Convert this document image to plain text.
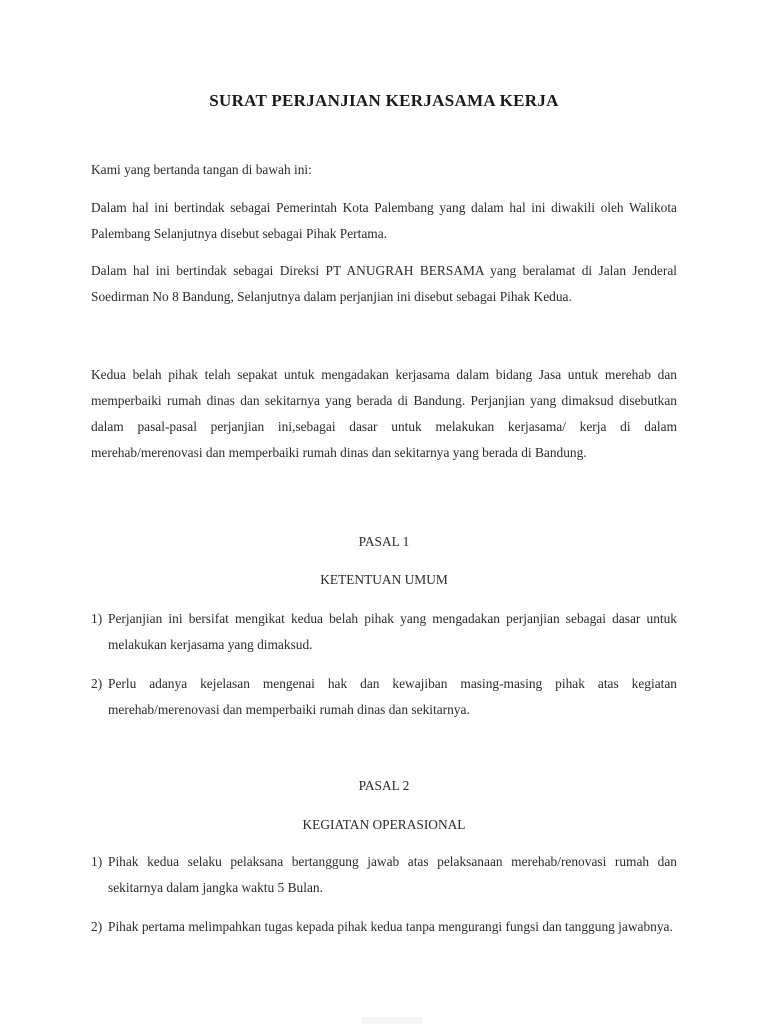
SURAT PERJANJIAN KERJASAMA KERJA
Kami yang bertanda tangan di bawah ini:
Dalam hal ini bertindak sebagai Pemerintah Kota Palembang yang dalam hal ini diwakili oleh Walikota Palembang Selanjutnya disebut sebagai Pihak Pertama.
Dalam hal ini bertindak sebagai Direksi PT ANUGRAH BERSAMA yang beralamat di Jalan Jenderal Soedirman No 8 Bandung, Selanjutnya dalam perjanjian ini disebut sebagai Pihak Kedua.
Kedua belah pihak telah sepakat untuk mengadakan kerjasama dalam bidang Jasa untuk merehab dan memperbaiki rumah dinas dan sekitarnya yang berada di Bandung. Perjanjian yang dimaksud disebutkan dalam pasal-pasal perjanjian ini,sebagai dasar untuk melakukan kerjasama/ kerja di dalam merehab/merenovasi dan memperbaiki rumah dinas dan sekitarnya yang berada di Bandung.
PASAL 1
KETENTUAN UMUM
1) Perjanjian ini bersifat mengikat kedua belah pihak yang mengadakan perjanjian sebagai dasar untuk melakukan kerjasama yang dimaksud.
2) Perlu adanya kejelasan mengenai hak dan kewajiban masing-masing pihak atas kegiatan merehab/merenovasi dan memperbaiki rumah dinas dan sekitarnya.
PASAL 2
KEGIATAN OPERASIONAL
1) Pihak kedua selaku pelaksana bertanggung jawab atas pelaksanaan merehab/renovasi rumah dan sekitarnya dalam jangka waktu 5 Bulan.
2) Pihak pertama melimpahkan tugas kepada pihak kedua tanpa mengurangi fungsi dan tanggung jawabnya.
